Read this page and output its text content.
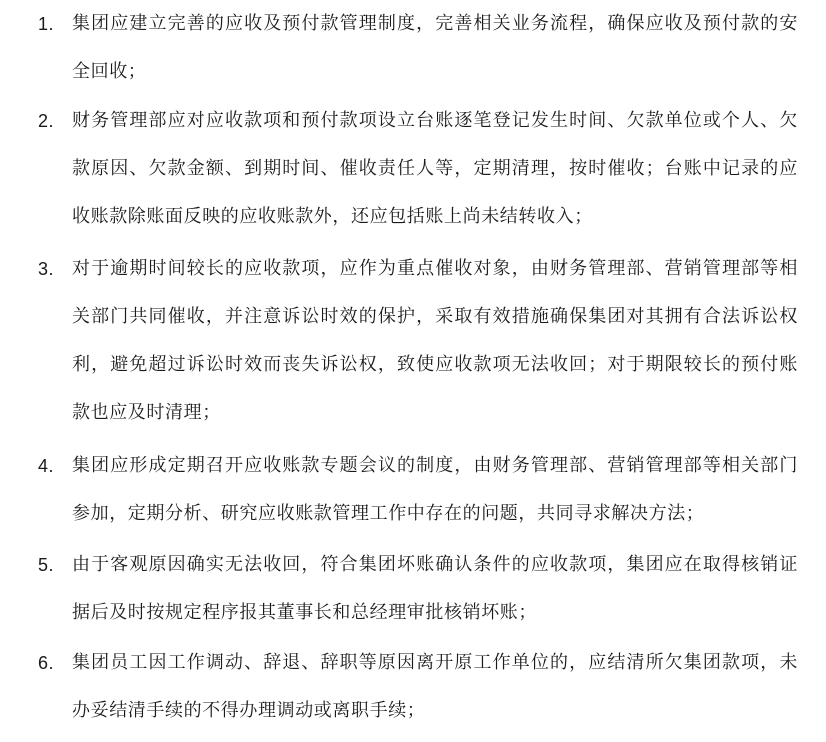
1. 集团应建立完善的应收及预付款管理制度，完善相关业务流程，确保应收及预付款的安
全回收；
2. 财务管理部应对应收款项和预付款项设立台账逐笔登记发生时间、欠款单位或个人、欠
款原因、欠款金额、到期时间、催收责任人等，定期清理，按时催收；台账中记录的应
收账款除账面反映的应收账款外，还应包括账上尚未结转收入；
3. 对于逾期时间较长的应收款项，应作为重点催收对象，由财务管理部、营销管理部等相
关部门共同催收，并注意诉讼时效的保护，采取有效措施确保集团对其拥有合法诉讼权
利，避免超过诉讼时效而丧失诉讼权，致使应收款项无法收回；对于期限较长的预付账
款也应及时清理；
4. 集团应形成定期召开应收账款专题会议的制度，由财务管理部、营销管理部等相关部门
参加，定期分析、研究应收账款管理工作中存在的问题，共同寻求解决方法；
5. 由于客观原因确实无法收回，符合集团坏账确认条件的应收款项，集团应在取得核销证
据后及时按规定程序报其董事长和总经理审批核销坏账；
6. 集团员工因工作调动、辞退、辞职等原因离开原工作单位的，应结清所欠集团款项，未
办妥结清手续的不得办理调动或离职手续；
